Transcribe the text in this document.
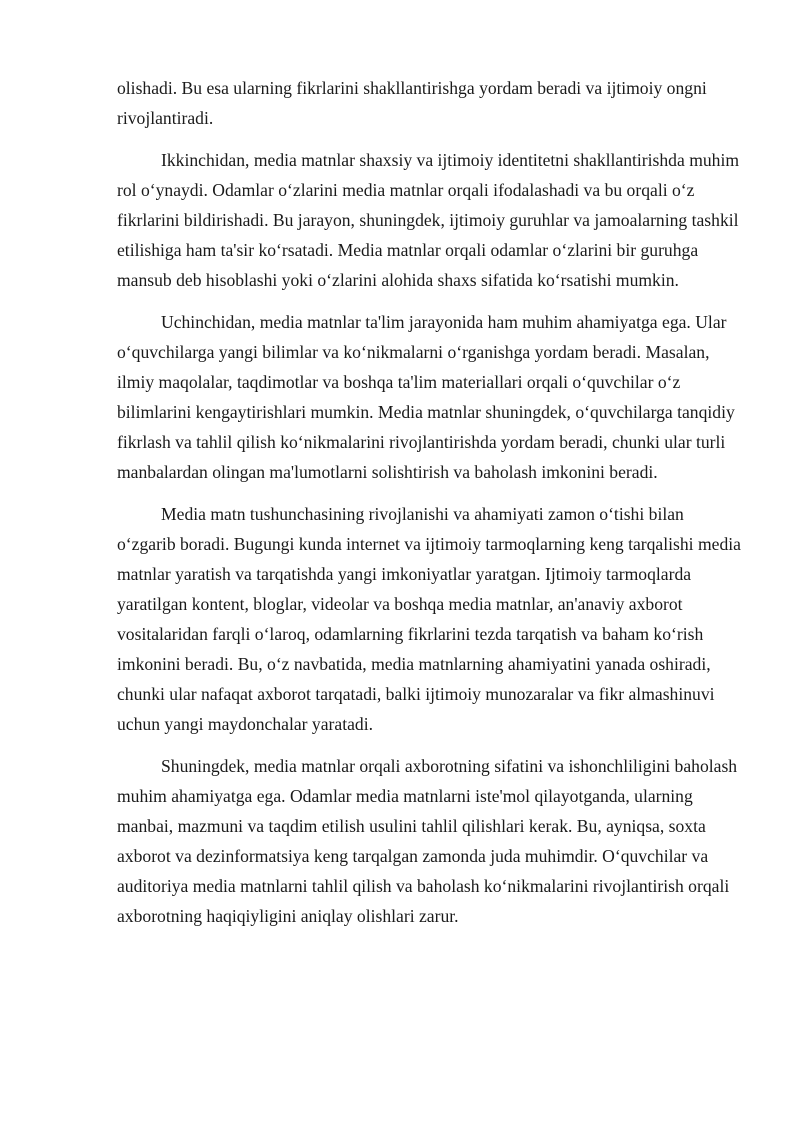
olishadi. Bu esa ularning fikrlarini shakllantirishga yordam beradi va ijtimoiy ongni rivojlantiradi.

Ikkinchidan, media matnlar shaxsiy va ijtimoiy identitetni shakllantirishda muhim rol o‘ynaydi. Odamlar o‘zlarini media matnlar orqali ifodalashadi va bu orqali o‘z fikrlarini bildirishadi. Bu jarayon, shuningdek, ijtimoiy guruhlar va jamoalarning tashkil etilishiga ham ta'sir ko‘rsatadi. Media matnlar orqali odamlar o‘zlarini bir guruhga mansub deb hisoblashi yoki o‘zlarini alohida shaxs sifatida ko‘rsatishi mumkin.

Uchinchidan, media matnlar ta'lim jarayonida ham muhim ahamiyatga ega. Ular o‘quvchilarga yangi bilimlar va ko‘nikmalarni o‘rganishga yordam beradi. Masalan, ilmiy maqolalar, taqdimotlar va boshqa ta'lim materiallari orqali o‘quvchilar o‘z bilimlarini kengaytirishlari mumkin. Media matnlar shuningdek, o‘quvchilarga tanqidiy fikrlash va tahlil qilish ko‘nikmalarini rivojlantirishda yordam beradi, chunki ular turli manbalardan olingan ma'lumotlarni solishtirish va baholash imkonini beradi.

Media matn tushunchasining rivojlanishi va ahamiyati zamon o‘tishi bilan o‘zgarib boradi. Bugungi kunda internet va ijtimoiy tarmoqlarning keng tarqalishi media matnlar yaratish va tarqatishda yangi imkoniyatlar yaratgan. Ijtimoiy tarmoqlarda yaratilgan kontent, bloglar, videolar va boshqa media matnlar, an'anaviy axborot vositalaridan farqli o‘laroq, odamlarning fikrlarini tezda tarqatish va baham ko‘rish imkonini beradi. Bu, o‘z navbatida, media matnlarning ahamiyatini yanada oshiradi, chunki ular nafaqat axborot tarqatadi, balki ijtimoiy munozaralar va fikr almashinuvi uchun yangi maydonchalar yaratadi.

Shuningdek, media matnlar orqali axborotning sifatini va ishonchliligini baholash muhim ahamiyatga ega. Odamlar media matnlarni iste'mol qilayotganda, ularning manbai, mazmuni va taqdim etilish usulini tahlil qilishlari kerak. Bu, ayniqsa, soxta axborot va dezinformatsiya keng tarqalgan zamonda juda muhimdir. O‘quvchilar va auditoriya media matnlarni tahlil qilish va baholash ko‘nikmalarini rivojlantirish orqali axborotning haqiqiyligini aniqlay olishlari zarur.
